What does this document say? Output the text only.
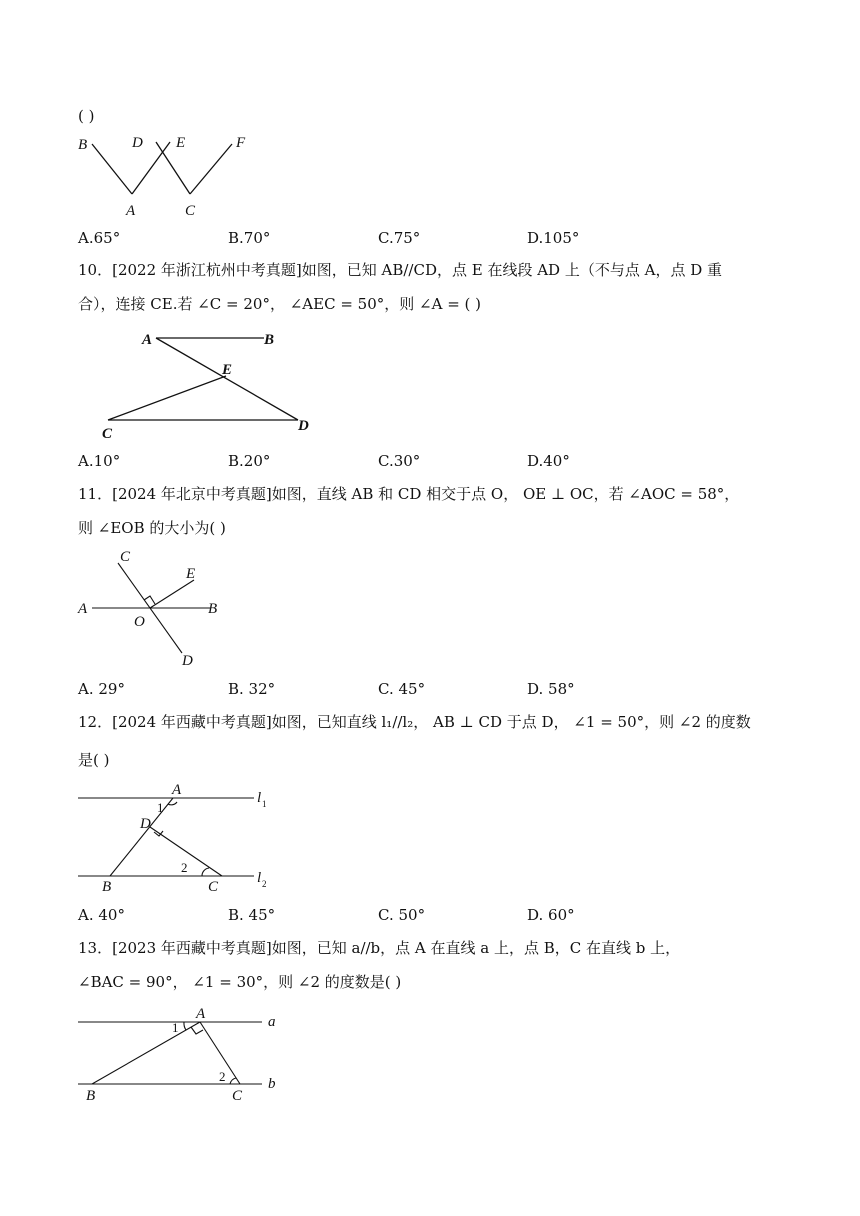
( )
B	D E	F
A	C
A.65°	B.70°	C.75°	D.105°
10．[2022 年浙江杭州中考真题]如图，已知 AB//CD，点 E 在线段 AD 上（不与点 A，点 D 重
合），连接 CE.若 ∠C = 20°， ∠AEC = 50°，则 ∠A = ( )
A	B
E
C	D
A.10°	B.20°	C.30°	D.40°
11．[2024 年北京中考真题]如图，直线 AB 和 CD 相交于点 O， OE ⊥ OC，若 ∠AOC = 58°，
则 ∠EOB 的大小为( )
C
E
A
O
B
D
A. 29°	B. 32°	C. 45°	D. 58°
12．[2024 年西藏中考真题]如图，已知直线 l₁//l₂， AB ⊥ CD 于点 D， ∠1 = 50°，则 ∠2 的度数
是( )
A
1
D
2
B	C
l 1
l 2
A. 40°	B. 45°	C. 50°	D. 60°
13．[2023 年西藏中考真题]如图，已知 a//b，点 A 在直线 a 上，点 B，C 在直线 b 上，
∠BAC = 90°， ∠1 = 30°，则 ∠2 的度数是( )
A
1	a
2	b
B	C
